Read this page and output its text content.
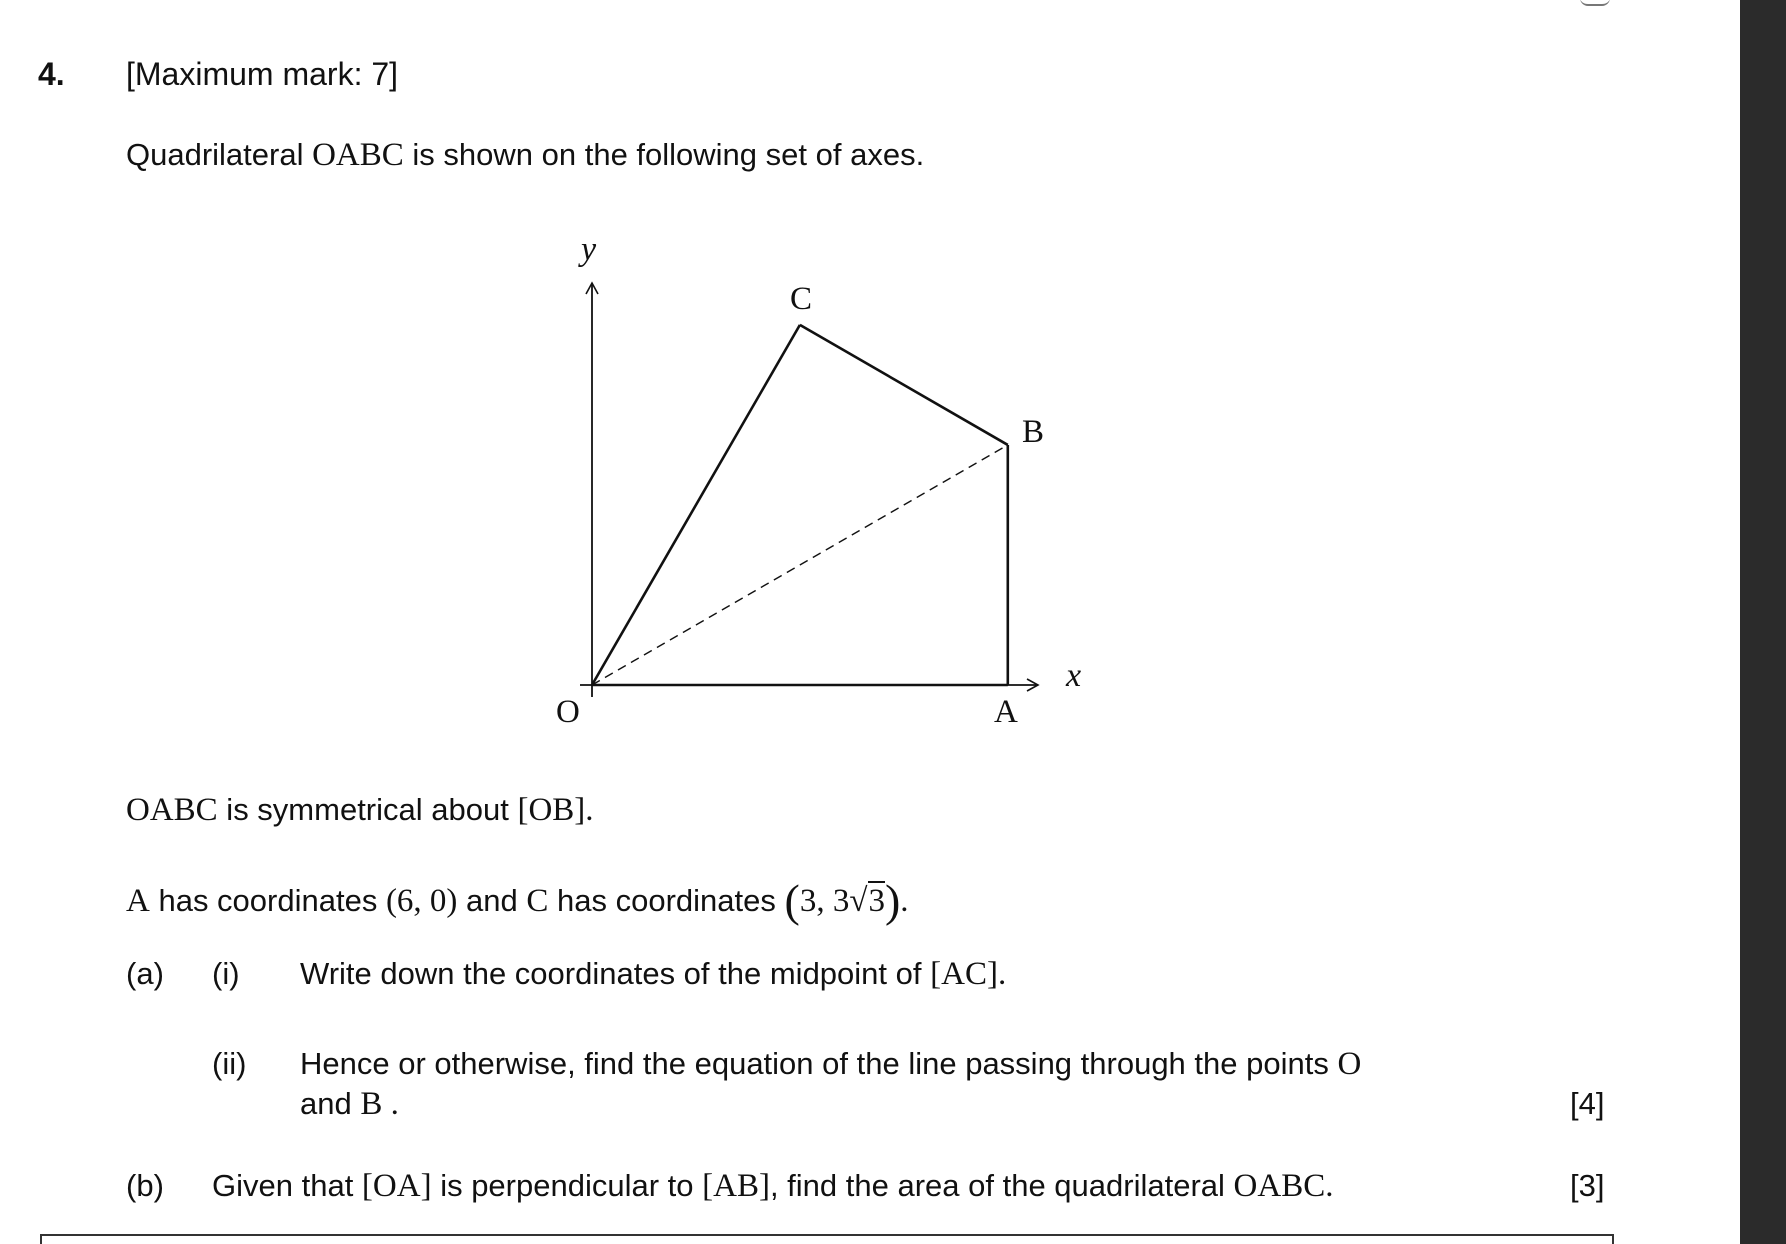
4. [Maximum mark: 7]
Quadrilateral OABC is shown on the following set of axes.
y
x
O	A
B
C
OABC is symmetrical about [OB].
A has coordinates (6, 0) and C has coordinates (3, 3√3).
(a) (i) Write down the coordinates of the midpoint of [AC].
(ii) Hence or otherwise, find the equation of the line passing through the points O
and B .	[4]
(b) Given that [OA] is perpendicular to [AB], find the area of the quadrilateral OABC.	[3]
